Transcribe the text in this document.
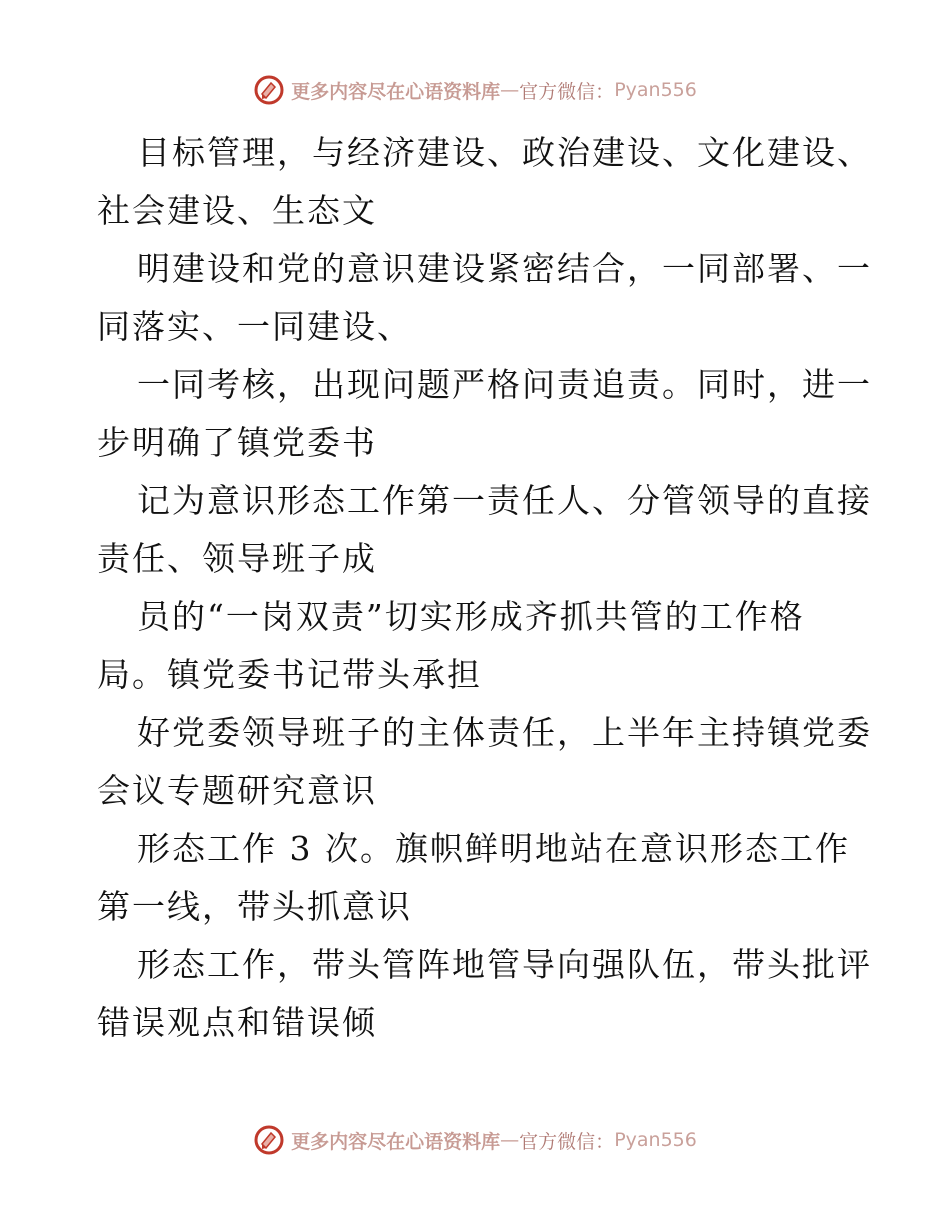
更多内容尽在心语资料库 — 官方微信： Pyan556

目标管理，与经济建设、政治建设、文化建设、
社会建设、生态文

明建设和党的意识建设紧密结合，一同部署、一
同落实、一同建设、

一同考核，出现问题严格问责追责。同时，进一
步明确了镇党委书

记为意识形态工作第一责任人、分管领导的直接
责任、领导班子成

员的“一岗双责”切实形成齐抓共管的工作格
局。镇党委书记带头承担

好党委领导班子的主体责任，上半年主持镇党委
会议专题研究意识

形态工作 3 次。旗帜鲜明地站在意识形态工作
第一线，带头抓意识

形态工作，带头管阵地管导向强队伍，带头批评
错误观点和错误倾

更多内容尽在心语资料库 — 官方微信： Pyan556
